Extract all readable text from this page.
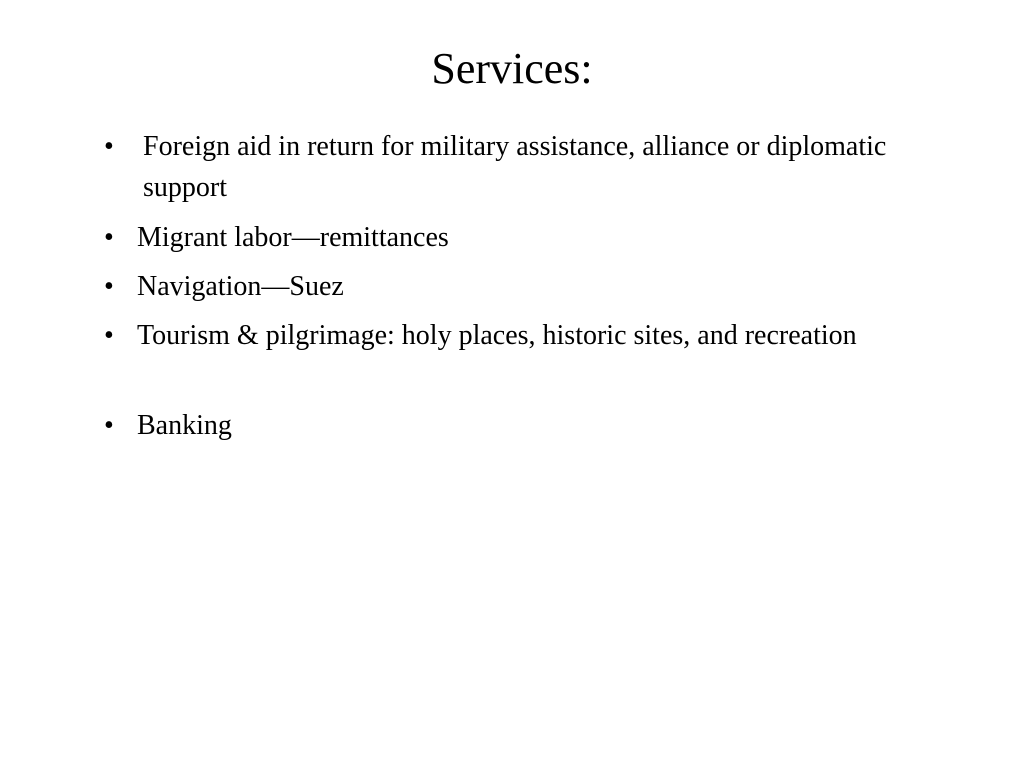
Services:
•	Foreign aid in return for military assistance, alliance or diplomatic support
• Migrant labor—remittances
• Navigation—Suez
• Tourism & pilgrimage: holy places, historic sites, and recreation
• Banking
